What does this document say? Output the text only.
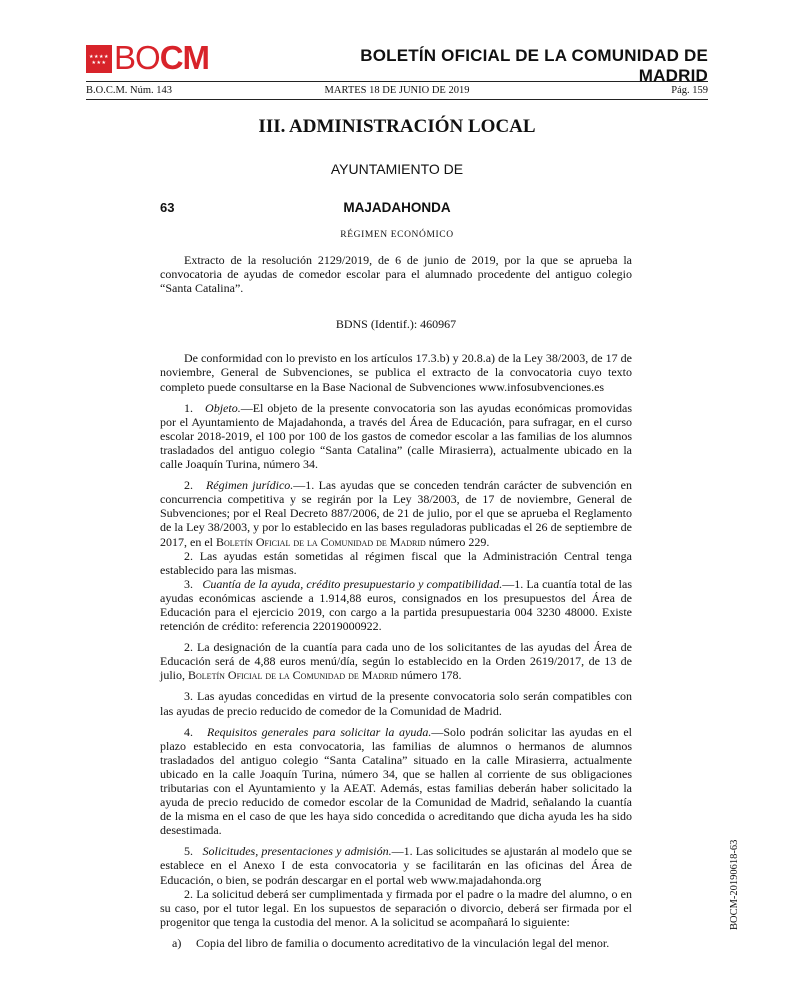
★★★★
★★★ BOCM	BOLETÍN OFICIAL DE LA COMUNIDAD DE MADRID
B.O.C.M. Núm. 143	MARTES 18 DE JUNIO DE 2019	Pág. 159
III. ADMINISTRACIÓN LOCAL
AYUNTAMIENTO DE
63	MAJADAHONDA
RÉGIMEN ECONÓMICO

Extracto de la resolución 2129/2019, de 6 de junio de 2019, por la que se aprueba la convocatoria de ayudas de comedor escolar para el alumnado procedente del antiguo colegio “Santa Catalina”.

BDNS (Identif.): 460967

De conformidad con lo previsto en los artículos 17.3.b) y 20.8.a) de la Ley 38/2003, de 17 de noviembre, General de Subvenciones, se publica el extracto de la convocatoria cuyo texto completo puede consultarse en la Base Nacional de Subvenciones www.infosubvenciones.es

1. Objeto.—El objeto de la presente convocatoria son las ayudas económicas promovidas por el Ayuntamiento de Majadahonda, a través del Área de Educación, para sufragar, en el curso escolar 2018-2019, el 100 por 100 de los gastos de comedor escolar a las familias de los alumnos trasladados del antiguo colegio “Santa Catalina” (calle Mirasierra), actualmente ubicado en la calle Joaquín Turina, número 34.

2. Régimen jurídico.—1. Las ayudas que se conceden tendrán carácter de subvención en concurrencia competitiva y se regirán por la Ley 38/2003, de 17 de noviembre, General de Subvenciones; por el Real Decreto 887/2006, de 21 de julio, por el que se aprueba el Reglamento de la Ley 38/2003, y por lo establecido en las bases reguladoras publicadas el 26 de septiembre de 2017, en el Boletín Oficial de la Comunidad de Madrid número 229.

2. Las ayudas están sometidas al régimen fiscal que la Administración Central tenga establecido para las mismas.

3. Cuantía de la ayuda, crédito presupuestario y compatibilidad.—1. La cuantía total de las ayudas económicas asciende a 1.914,88 euros, consignados en los presupuestos del Área de Educación para el ejercicio 2019, con cargo a la partida presupuestaria 004 3230 48000. Existe retención de crédito: referencia 22019000922.

2. La designación de la cuantía para cada uno de los solicitantes de las ayudas del Área de Educación será de 4,88 euros menú/día, según lo establecido en la Orden 2619/2017, de 13 de julio, Boletín Oficial de la Comunidad de Madrid número 178.

3. Las ayudas concedidas en virtud de la presente convocatoria solo serán compatibles con las ayudas de precio reducido de comedor de la Comunidad de Madrid.

4. Requisitos generales para solicitar la ayuda.—Solo podrán solicitar las ayudas en el plazo establecido en esta convocatoria, las familias de alumnos o hermanos de alumnos trasladados del antiguo colegio “Santa Catalina” situado en la calle Mirasierra, actualmente ubicado en la calle Joaquín Turina, número 34, que se hallen al corriente de sus obligaciones tributarias con el Ayuntamiento y la AEAT. Además, estas familias deberán haber solicitado la ayuda de precio reducido de comedor escolar de la Comunidad de Madrid, señalando la cuantía de la misma en el caso de que les haya sido concedida o acreditando que dicha ayuda les ha sido desestimada.

5. Solicitudes, presentaciones y admisión.—1. Las solicitudes se ajustarán al modelo que se establece en el Anexo I de esta convocatoria y se facilitarán en las oficinas del Área de Educación, o bien, se podrán descargar en el portal web www.majadahonda.org

2. La solicitud deberá ser cumplimentada y firmada por el padre o la madre del alumno, o en su caso, por el tutor legal. En los supuestos de separación o divorcio, deberá ser firmada por el progenitor que tenga la custodia del menor. A la solicitud se acompañará lo siguiente:

a)	Copia del libro de familia o documento acreditativo de la vinculación legal del menor.
BOCM-20190618-63
